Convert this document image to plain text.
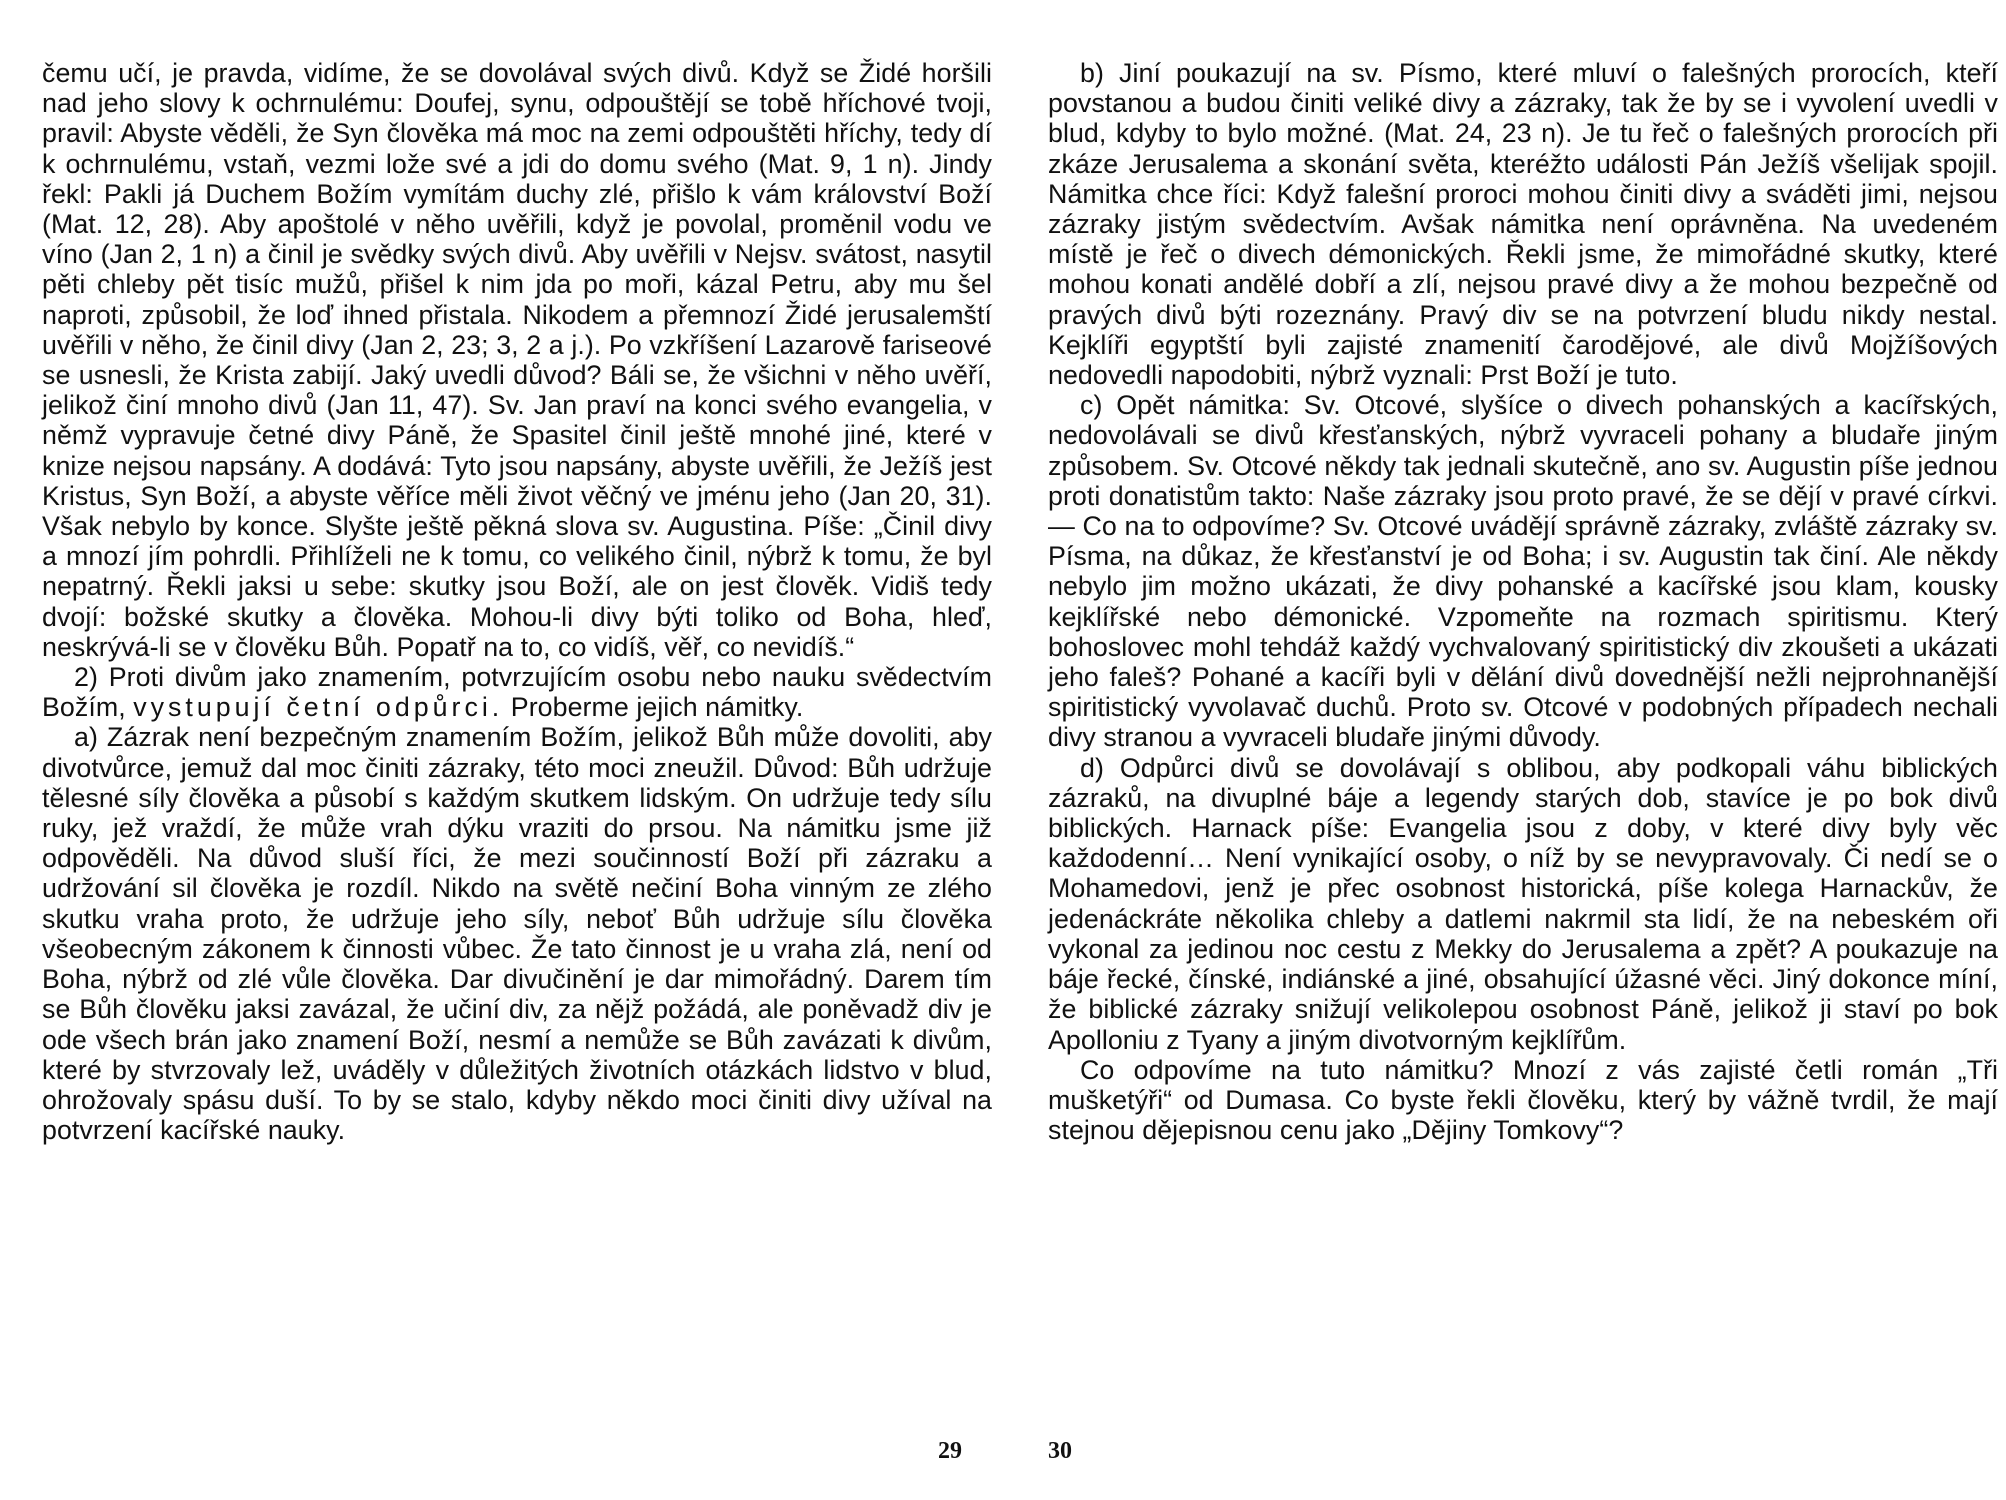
čemu učí, je pravda, vidíme, že se dovolával svých divů. Když se Židé horšili nad jeho slovy k ochrnulému: Doufej, synu, odpouštějí se tobě hříchové tvoji, pravil: Abyste věděli, že Syn člověka má moc na zemi odpouštěti hříchy, tedy dí k ochrnulému, vstaň, vezmi lože své a jdi do domu svého (Mat. 9, 1 n). Jindy řekl: Pakli já Duchem Božím vymítám duchy zlé, přišlo k vám království Boží (Mat. 12, 28). Aby apoštolé v něho uvěřili, když je povolal, proměnil vodu ve víno (Jan 2, 1 n) a činil je svědky svých divů. Aby uvěřili v Nejsv. svátost, nasytil pěti chleby pět tisíc mužů, přišel k nim jda po moři, kázal Petru, aby mu šel naproti, způsobil, že loď ihned přistala. Nikodem a přemnozí Židé jerusalemští uvěřili v něho, že činil divy (Jan 2, 23; 3, 2 a j.). Po vzkříšení Lazarově fariseové se usnesli, že Krista zabijí. Jaký uvedli důvod? Báli se, že všichni v něho uvěří, jelikož činí mnoho divů (Jan 11, 47). Sv. Jan praví na konci svého evangelia, v němž vypravuje četné divy Páně, že Spasitel činil ještě mnohé jiné, které v knize nejsou napsány. A dodává: Tyto jsou napsány, abyste uvěřili, že Ježíš jest Kristus, Syn Boží, a abyste věříce měli život věčný ve jménu jeho (Jan 20, 31). Však nebylo by konce. Slyšte ještě pěkná slova sv. Augustina. Píše: „Činil divy a mnozí jím pohrdli. Přihlíželi ne k tomu, co velikého činil, nýbrž k tomu, že byl nepatrný. Řekli jaksi u sebe: skutky jsou Boží, ale on jest člověk. Vidiš tedy dvojí: božské skutky a člověka. Mohou-li divy býti toliko od Boha, hleď, neskrývá-li se v člověku Bůh. Popatř na to, co vidíš, věř, co nevidíš.“

2) Proti divům jako znamením, potvrzujícím osobu nebo nauku svědectvím Božím, vystupují četní odpůrci. Proberme jejich námitky.

a) Zázrak není bezpečným znamením Božím, jelikož Bůh může dovoliti, aby divotvůrce, jemuž dal moc činiti zázraky, této moci zneužil. Důvod: Bůh udržuje tělesné síly člověka a působí s každým skutkem lidským. On udržuje tedy sílu ruky, jež vraždí, že může vrah dýku vraziti do prsou. Na námitku jsme již odpověděli. Na důvod sluší říci, že mezi součinností Boží při zázraku a udržování sil člověka je rozdíl. Nikdo na světě nečiní Boha vinným ze zlého skutku vraha proto, že udržuje jeho síly, neboť Bůh udržuje sílu člověka všeobecným zákonem k činnosti vůbec. Že tato činnost je u vraha zlá, není od Boha, nýbrž od zlé vůle člověka. Dar divučinění je dar mimořádný. Darem tím se Bůh člověku jaksi zavázal, že učiní div, za nějž požádá, ale poněvadž div je ode všech brán jako znamení Boží, nesmí a nemůže se Bůh zavázati k divům, které by stvrzovaly lež, uváděly v důležitých životních otázkách lidstvo v blud, ohrožovaly spásu duší. To by se stalo, kdyby někdo moci činiti divy užíval na potvrzení kacířské nauky.

29

b) Jiní poukazují na sv. Písmo, které mluví o falešných prorocích, kteří povstanou a budou činiti veliké divy a zázraky, tak že by se i vyvolení uvedli v blud, kdyby to bylo možné. (Mat. 24, 23 n). Je tu řeč o falešných prorocích při zkáze Jerusalema a skonání světa, kteréžto události Pán Ježíš všelijak spojil. Námitka chce říci: Když falešní proroci mohou činiti divy a sváděti jimi, nejsou zázraky jistým svědectvím. Avšak námitka není oprávněna. Na uvedeném místě je řeč o divech démonických. Řekli jsme, že mimořádné skutky, které mohou konati andělé dobří a zlí, nejsou pravé divy a že mohou bezpečně od pravých divů býti rozeznány. Pravý div se na potvrzení bludu nikdy nestal. Kejklíři egyptští byli zajisté znamenití čarodějové, ale divů Mojžíšových nedovedli napodobiti, nýbrž vyznali: Prst Boží je tuto.

c) Opět námitka: Sv. Otcové, slyšíce o divech pohanských a kacířských, nedovolávali se divů křesťanských, nýbrž vyvraceli pohany a bludaře jiným způsobem. Sv. Otcové někdy tak jednali skutečně, ano sv. Augustin píše jednou proti donatistům takto: Naše zázraky jsou proto pravé, že se dějí v pravé církvi. — Co na to odpovíme? Sv. Otcové uvádějí správně zázraky, zvláště zázraky sv. Písma, na důkaz, že křesťanství je od Boha; i sv. Augustin tak činí. Ale někdy nebylo jim možno ukázati, že divy pohanské a kacířské jsou klam, kousky kejklířské nebo démonické. Vzpomeňte na rozmach spiritismu. Který bohoslovec mohl tehdáž každý vychvalovaný spiritistický div zkoušeti a ukázati jeho faleš? Pohané a kacíři byli v dělání divů dovednější nežli nejprohnanější spiritistický vyvolavač duchů. Proto sv. Otcové v podobných případech nechali divy stranou a vyvraceli bludaře jinými důvody.

d) Odpůrci divů se dovolávají s oblibou, aby podkopali váhu biblických zázraků, na divuplné báje a legendy starých dob, stavíce je po bok divů biblických. Harnack píše: Evangelia jsou z doby, v které divy byly věc každodenní… Není vynikající osoby, o níž by se nevypravovaly. Či nedí se o Mohamedovi, jenž je přec osobnost historická, píše kolega Harnackův, že jedenáckráte několika chleby a datlemi nakrmil sta lidí, že na nebeském oři vykonal za jedinou noc cestu z Mekky do Jerusalema a zpět? A poukazuje na báje řecké, čínské, indiánské a jiné, obsahující úžasné věci. Jiný dokonce míní, že biblické zázraky snižují velikolepou osobnost Páně, jelikož ji staví po bok Apolloniu z Tyany a jiným divotvorným kejklířům.

Co odpovíme na tuto námitku? Mnozí z vás zajisté četli román „Tři mušketýři“ od Dumasa. Co byste řekli člověku, který by vážně tvrdil, že mají stejnou dějepisnou cenu jako „Dějiny Tomkovy“?

30
